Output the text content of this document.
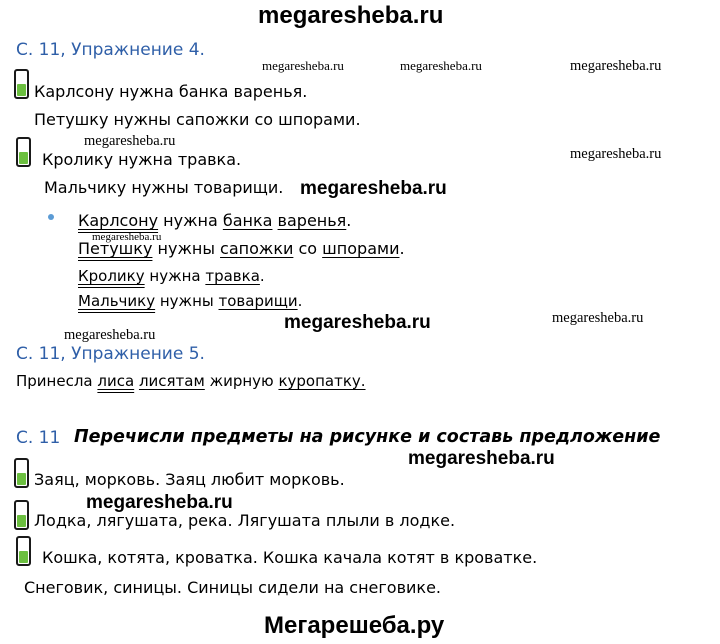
megaresheba.ru
С. 11, Упражнение 4.
megaresheba.ru	megaresheba.ru	megaresheba.ru
Карлсону нужна банка варенья.
Петушку нужны сапожки со шпорами.
megaresheba.ru
Кролику нужна травка.	megaresheba.ru
Мальчику нужны товарищи. megaresheba.ru
Карлсону нужна банка варенья.
megaresheba.ru
Петушку нужны сапожки со шпорами.
Кролику нужна травка.
Мальчику нужны товарищи.
megaresheba.ru	megaresheba.ru
megaresheba.ru
С. 11, Упражнение 5.
Принесла лиса лисятам жирную куропатку.
С. 11 Перечисли предметы на рисунке и составь предложение
Заяц, морковь. Заяц любит морковь.
megaresheba.ru
megaresheba.ru
Лодка, лягушата, река. Лягушата плыли в лодке.
Кошка, котята, кроватка. Кошка качала котят в кроватке.
Снеговик, синицы. Синицы сидели на снеговике.
Мегарешеба.ру
